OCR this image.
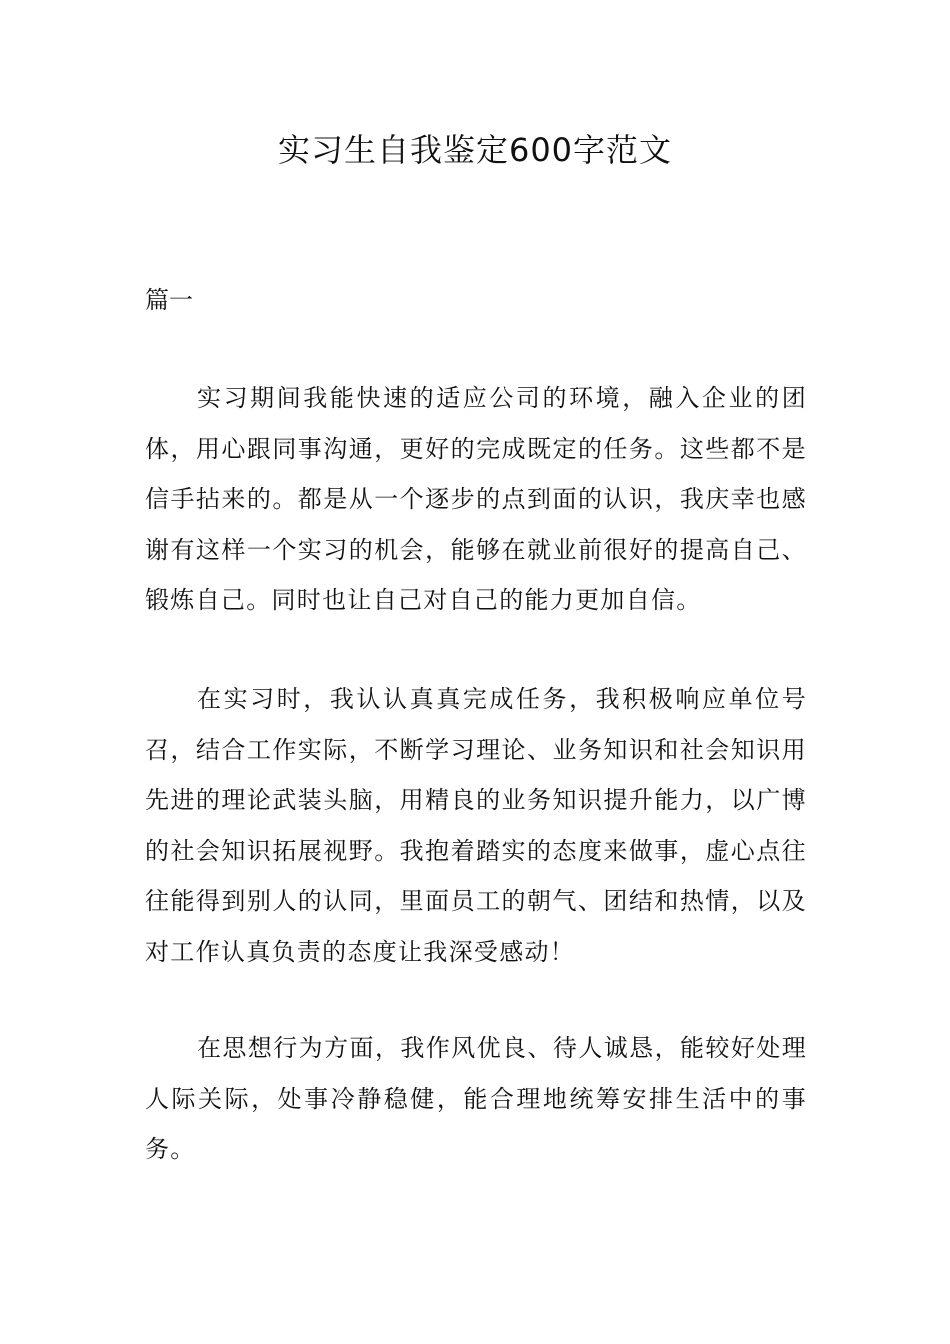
实习生自我鉴定600字范文

篇一

实习期间我能快速的适应公司的环境，融入企业的团体，用心跟同事沟通，更好的完成既定的任务。这些都不是信手拈来的。都是从一个逐步的点到面的认识，我庆幸也感谢有这样一个实习的机会，能够在就业前很好的提高自己、锻炼自己。同时也让自己对自己的能力更加自信。

在实习时，我认认真真完成任务，我积极响应单位号召，结合工作实际，不断学习理论、业务知识和社会知识用先进的理论武装头脑，用精良的业务知识提升能力，以广博的社会知识拓展视野。我抱着踏实的态度来做事，虚心点往往能得到别人的认同，里面员工的朝气、团结和热情，以及对工作认真负责的态度让我深受感动！

在思想行为方面，我作风优良、待人诚恳，能较好处理人际关际，处事冷静稳健，能合理地统筹安排生活中的事务。
